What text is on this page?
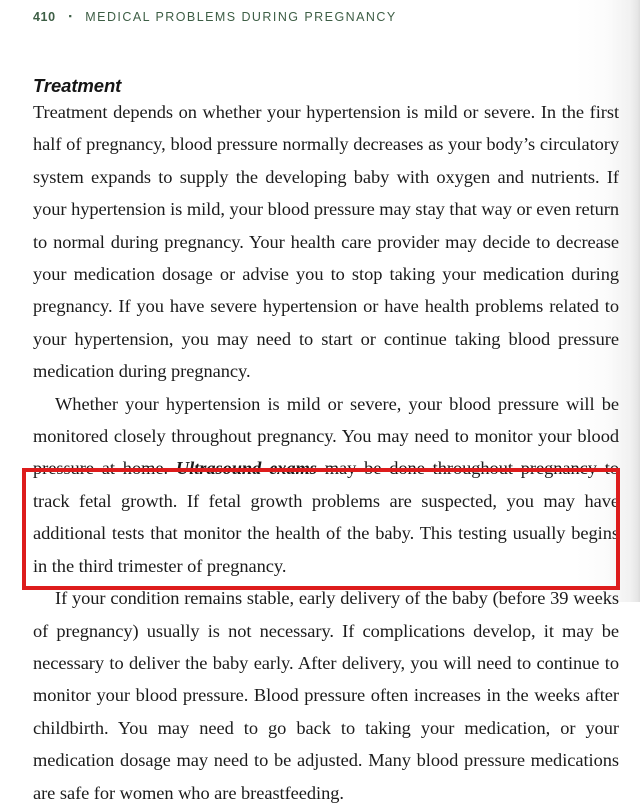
410 ▪ MEDICAL PROBLEMS DURING PREGNANCY
Treatment

Treatment depends on whether your hypertension is mild or severe. In the first half of pregnancy, blood pressure normally decreases as your body’s circulatory system expands to supply the developing baby with oxygen and nutrients. If your hypertension is mild, your blood pressure may stay that way or even return to normal during pregnancy. Your health care provider may decide to decrease your medication dosage or advise you to stop taking your medication during pregnancy. If you have severe hypertension or have health problems related to your hypertension, you may need to start or continue taking blood pressure medication during pregnancy.

Whether your hypertension is mild or severe, your blood pressure will be monitored closely throughout pregnancy. You may need to monitor your blood pressure at home. Ultrasound exams may be done throughout pregnancy to track fetal growth. If fetal growth problems are suspected, you may have additional tests that monitor the health of the baby. This testing usually begins in the third trimester of pregnancy.

If your condition remains stable, early delivery of the baby (before 39 weeks of pregnancy) usually is not necessary. If complications develop, it may be necessary to deliver the baby early. After delivery, you will need to continue to monitor your blood pressure. Blood pressure often increases in the weeks after childbirth. You may need to go back to taking your medication, or your medication dosage may need to be adjusted. Many blood pressure medications are safe for women who are breastfeeding.
